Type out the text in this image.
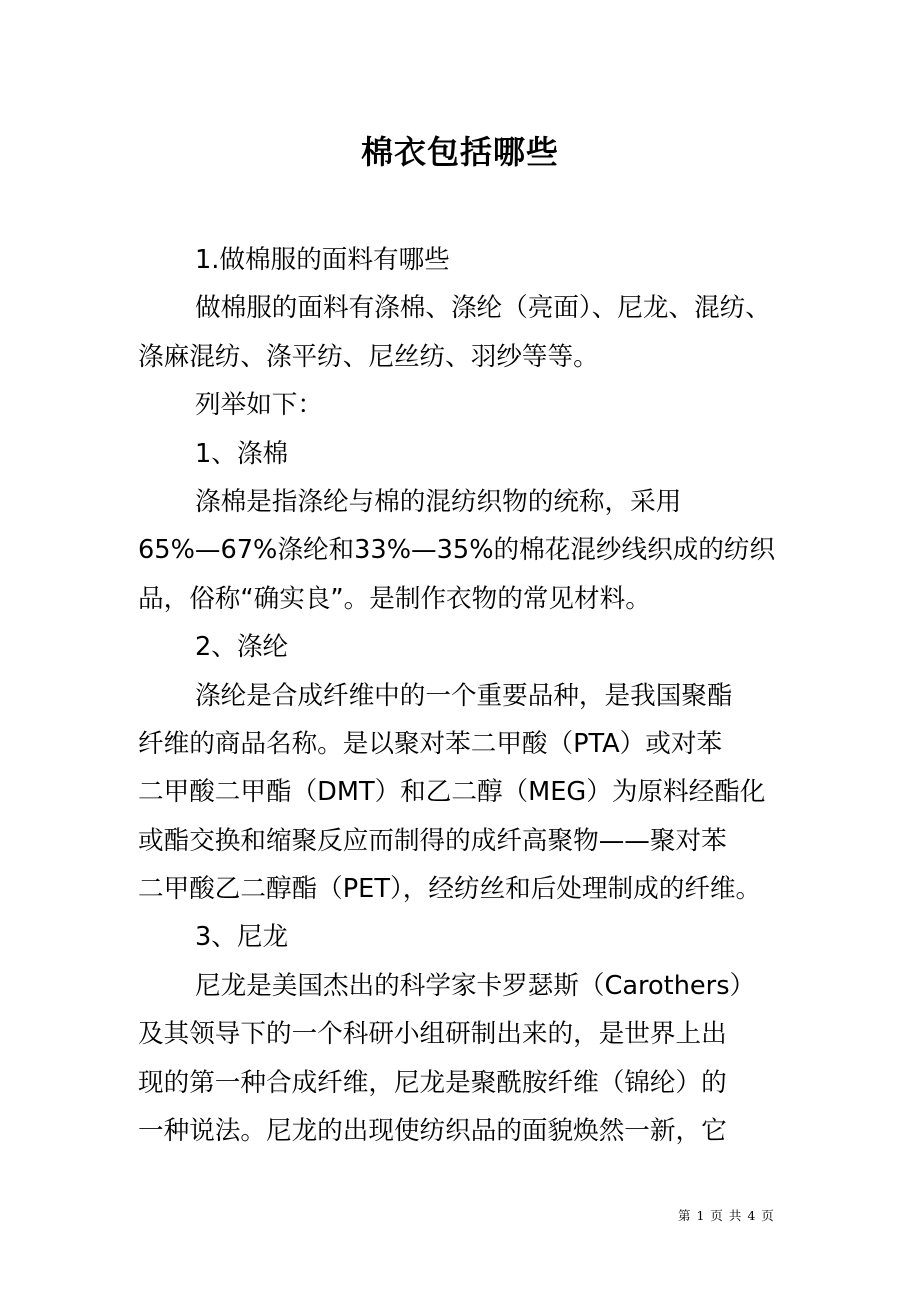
棉衣包括哪些
1.做棉服的面料有哪些
做棉服的面料有涤棉、涤纶（亮面）、尼龙、混纺、
涤麻混纺、涤平纺、尼丝纺、羽纱等等。
列举如下：
1、涤棉
涤棉是指涤纶与棉的混纺织物的统称，采用
65%—67%涤纶和33%—35%的棉花混纱线织成的纺织
品，俗称“确实良”。是制作衣物的常见材料。
2、涤纶
涤纶是合成纤维中的一个重要品种，是我国聚酯
纤维的商品名称。是以聚对苯二甲酸（PTA）或对苯
二甲酸二甲酯（DMT）和乙二醇（MEG）为原料经酯化
或酯交换和缩聚反应而制得的成纤高聚物——聚对苯
二甲酸乙二醇酯（PET），经纺丝和后处理制成的纤维。
3、尼龙
尼龙是美国杰出的科学家卡罗瑟斯（Carothers）
及其领导下的一个科研小组研制出来的，是世界上出
现的第一种合成纤维，尼龙是聚酰胺纤维（锦纶）的
一种说法。尼龙的出现使纺织品的面貌焕然一新，它
第 1 页 共 4 页
